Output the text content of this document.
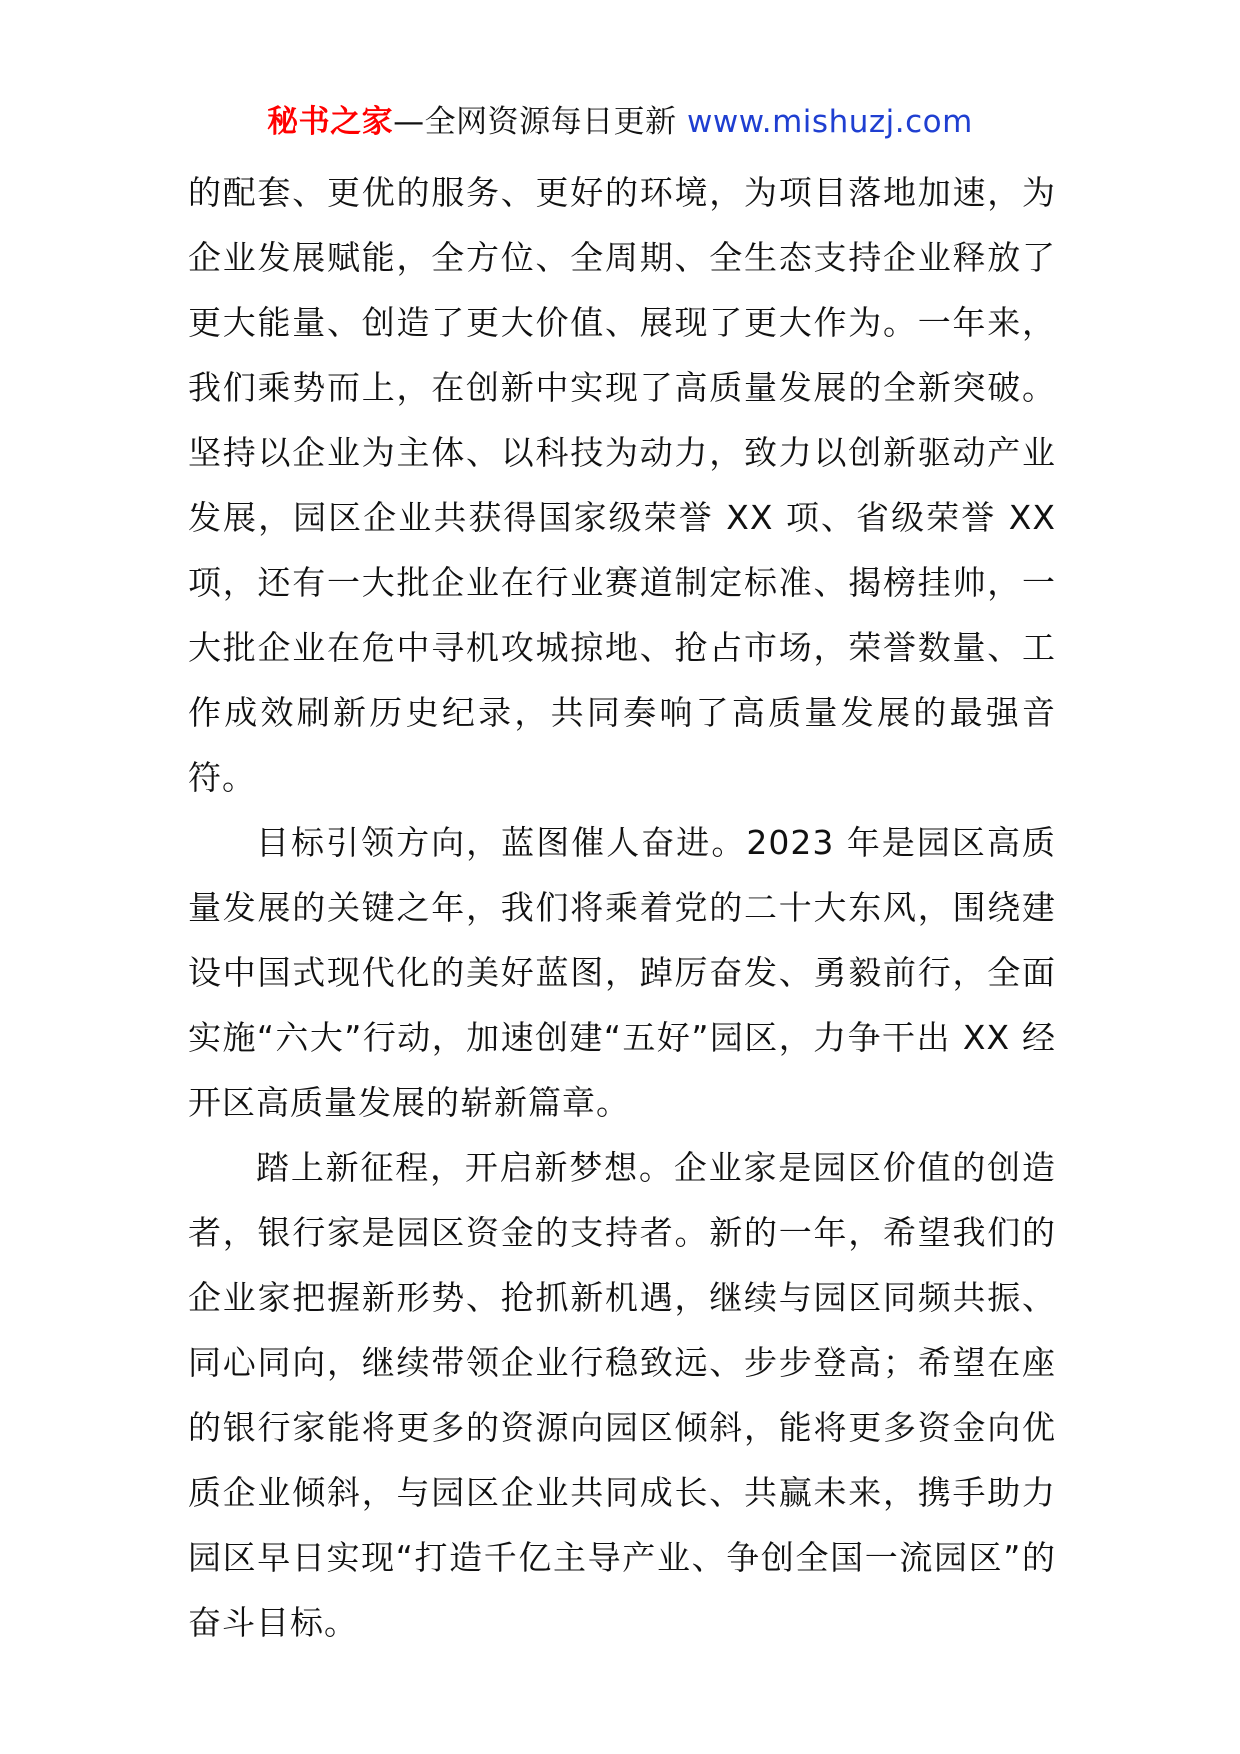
秘书之家—全网资源每日更新 www.mishuzj.com

的配套、更优的服务、更好的环境，为项目落地加速，为企业发展赋能，全方位、全周期、全生态支持企业释放了更大能量、创造了更大价值、展现了更大作为。一年来，我们乘势而上，在创新中实现了高质量发展的全新突破。坚持以企业为主体、以科技为动力，致力以创新驱动产业发展，园区企业共获得国家级荣誉 XX 项、省级荣誉 XX 项，还有一大批企业在行业赛道制定标准、揭榜挂帅，一大批企业在危中寻机攻城掠地、抢占市场，荣誉数量、工作成效刷新历史纪录，共同奏响了高质量发展的最强音符。

目标引领方向，蓝图催人奋进。2023 年是园区高质量发展的关键之年，我们将乘着党的二十大东风，围绕建设中国式现代化的美好蓝图，踔厉奋发、勇毅前行，全面实施“六大”行动，加速创建“五好”园区，力争干出 XX 经开区高质量发展的崭新篇章。

踏上新征程，开启新梦想。企业家是园区价值的创造者，银行家是园区资金的支持者。新的一年，希望我们的企业家把握新形势、抢抓新机遇，继续与园区同频共振、同心同向，继续带领企业行稳致远、步步登高；希望在座的银行家能将更多的资源向园区倾斜，能将更多资金向优质企业倾斜，与园区企业共同成长、共赢未来，携手助力园区早日实现“打造千亿主导产业、争创全国一流园区”的奋斗目标。
